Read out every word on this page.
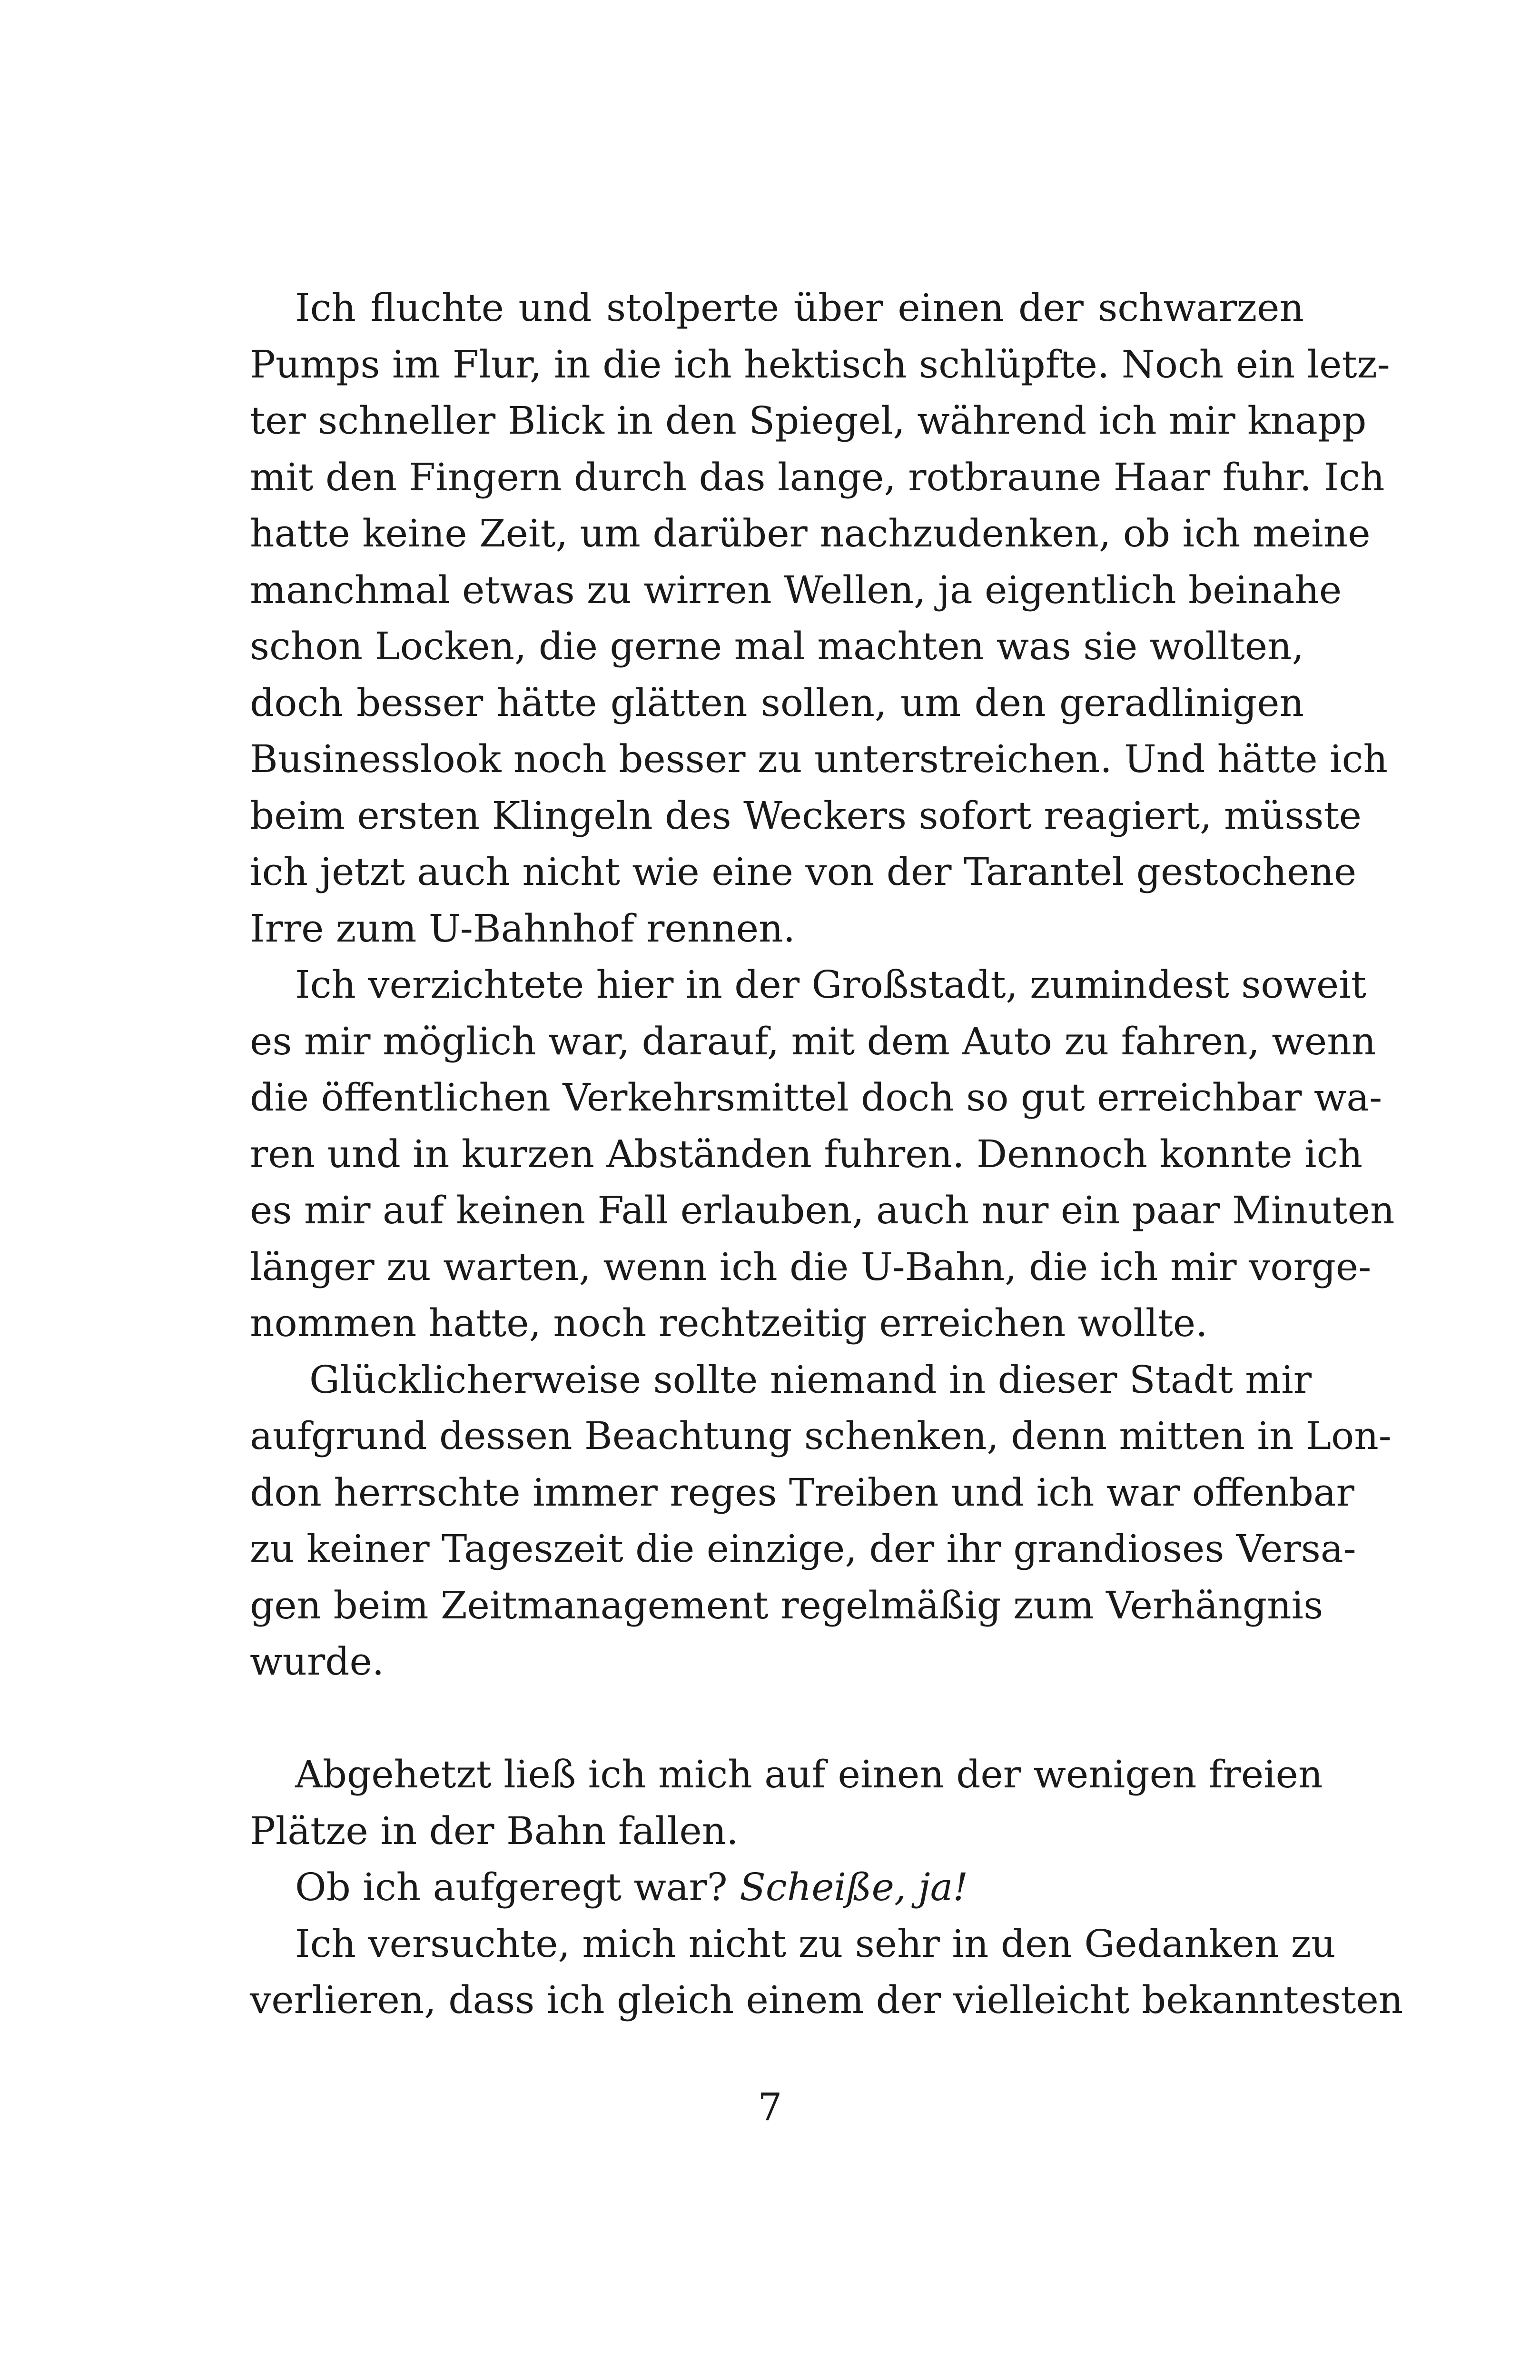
Ich fluchte und stolperte über einen der schwarzen
Pumps im Flur, in die ich hektisch schlüpfte. Noch ein letz-
ter schneller Blick in den Spiegel, während ich mir knapp
mit den Fingern durch das lange, rotbraune Haar fuhr. Ich
hatte keine Zeit, um darüber nachzudenken, ob ich meine
manchmal etwas zu wirren Wellen, ja eigentlich beinahe
schon Locken, die gerne mal machten was sie wollten,
doch besser hätte glätten sollen, um den geradlinigen
Businesslook noch besser zu unterstreichen. Und hätte ich
beim ersten Klingeln des Weckers sofort reagiert, müsste
ich jetzt auch nicht wie eine von der Tarantel gestochene
Irre zum U-Bahnhof rennen.
Ich verzichtete hier in der Großstadt, zumindest soweit
es mir möglich war, darauf, mit dem Auto zu fahren, wenn
die öffentlichen Verkehrsmittel doch so gut erreichbar wa-
ren und in kurzen Abständen fuhren. Dennoch konnte ich
es mir auf keinen Fall erlauben, auch nur ein paar Minuten
länger zu warten, wenn ich die U-Bahn, die ich mir vorge-
nommen hatte, noch rechtzeitig erreichen wollte.
Glücklicherweise sollte niemand in dieser Stadt mir
aufgrund dessen Beachtung schenken, denn mitten in Lon-
don herrschte immer reges Treiben und ich war offenbar
zu keiner Tageszeit die einzige, der ihr grandioses Versa-
gen beim Zeitmanagement regelmäßig zum Verhängnis
wurde.
Abgehetzt ließ ich mich auf einen der wenigen freien
Plätze in der Bahn fallen.
Ob ich aufgeregt war? Scheiße, ja!
Ich versuchte, mich nicht zu sehr in den Gedanken zu
verlieren, dass ich gleich einem der vielleicht bekanntesten
7
